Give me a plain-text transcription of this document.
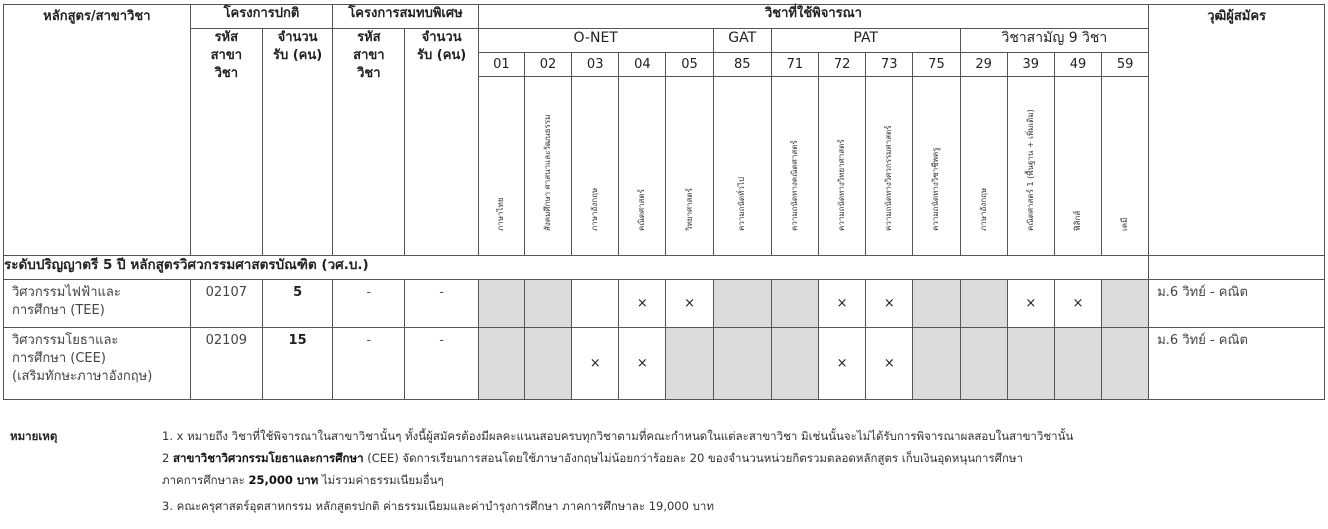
หลักสูตร/สาขาวิชา	โครงการปกติ		โครงการสมทบพิเศษ		วิชาที่ใช้พิจารณา														วุฒิผู้สมัคร
	รหัส สาขา วิชา	จำนวน รับ (คน)	รหัส สาขา วิชา	จำนวน รับ (คน)	O-NET					GAT	PAT				วิชาสามัญ 9 วิชา				
					01	02	03	04	05	85	71	72	73	75	29	39	49	59	

					ภาษาไทย	สังคมศึกษา ศาสนาและวัฒนธรรม	ภาษาอังกฤษ	คณิตศาสตร์	วิทยาศาสตร์	ความถนัดทั่วไป	ความถนัดทางคณิตศาสตร์	ความถนัดทางวิทยาศาสตร์	ความถนัดทางวิศวกรรมศาสตร์	ความถนัดทางวิชาชีพครู	ภาษาอังกฤษ	คณิตศาสตร์ 1 (พื้นฐาน + เพิ่มเติม)	ฟิสิกส์	เคมี	

ระดับปริญญาตรี 5 ปี หลักสูตรวิศวกรรมศาสตรบัณฑิต (วศ.บ.)																			

วิศวกรรมไฟฟ้าและ
การศึกษา (TEE)	02107	5	-	-				×	×			×	×			×	×		ม.6 วิทย์ - คณิต

วิศวกรรมโยธาและ
การศึกษา (CEE)
(เสริมทักษะภาษาอังกฤษ)	02109	15	-	-			×	×				×	×						ม.6 วิทย์ - คณิต
หมายเหตุ	1. x หมายถึง วิชาที่ใช้พิจารณาในสาขาวิชานั้นๆ ทั้งนี้ผู้สมัครต้องมีผลคะแนนสอบครบทุกวิชาตามที่คณะกำหนดในแต่ละสาขาวิชา มิเช่นนั้นจะไม่ได้รับการพิจารณาผลสอบในสาขาวิชานั้น
2 สาขาวิชาวิศวกรรมโยธาและการศึกษา (CEE) จัดการเรียนการสอนโดยใช้ภาษาอังกฤษไม่น้อยกว่าร้อยละ 20 ของจำนวนหน่วยกิตรวมตลอดหลักสูตร เก็บเงินอุดหนุนการศึกษา
ภาคการศึกษาละ 25,000 บาท ไม่รวมค่าธรรมเนียมอื่นๆ
3. คณะครุศาสตร์อุตสาหกรรม หลักสูตรปกติ ค่าธรรมเนียมและค่าบำรุงการศึกษา ภาคการศึกษาละ 19,000 บาท
